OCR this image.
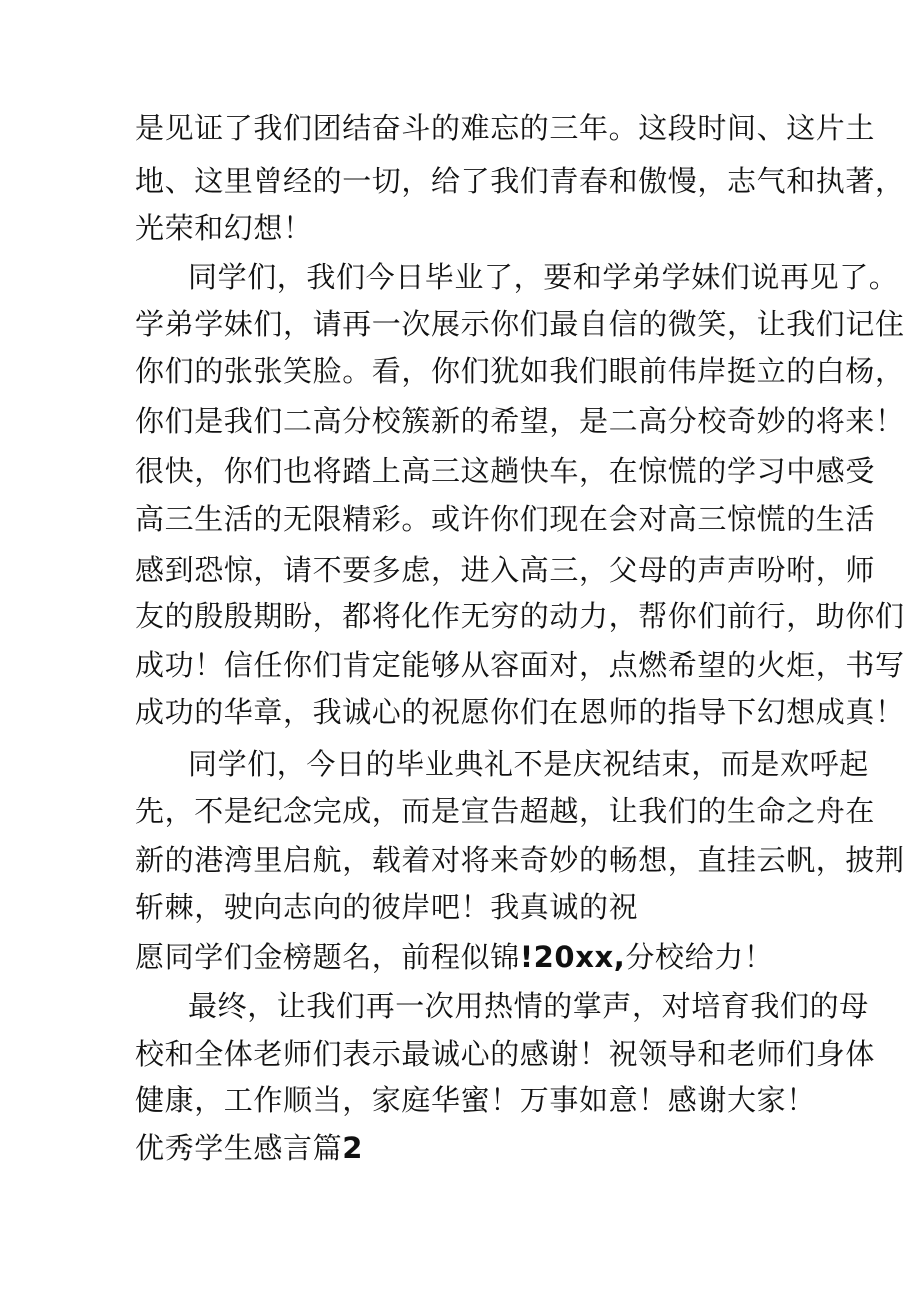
是见证了我们团结奋斗的难忘的三年。这段时间、这片土
地、这里曾经的一切，给了我们青春和傲慢，志气和执著，
光荣和幻想！
同学们，我们今日毕业了，要和学弟学妹们说再见了。
学弟学妹们，请再一次展示你们最自信的微笑，让我们记住
你们的张张笑脸。看，你们犹如我们眼前伟岸挺立的白杨，
你们是我们二高分校簇新的希望，是二高分校奇妙的将来！
很快，你们也将踏上高三这趟快车，在惊慌的学习中感受
高三生活的无限精彩。或许你们现在会对高三惊慌的生活
感到恐惊，请不要多虑，进入高三，父母的声声吩咐，师
友的殷殷期盼，都将化作无穷的动力，帮你们前行，助你们
成功！信任你们肯定能够从容面对，点燃希望的火炬，书写
成功的华章，我诚心的祝愿你们在恩师的指导下幻想成真！
同学们，今日的毕业典礼不是庆祝结束，而是欢呼起
先，不是纪念完成，而是宣告超越，让我们的生命之舟在
新的港湾里启航，载着对将来奇妙的畅想，直挂云帆，披荆
斩棘，驶向志向的彼岸吧！我真诚的祝
愿同学们金榜题名，前程似锦!20xx,分校给力！
最终，让我们再一次用热情的掌声，对培育我们的母
校和全体老师们表示最诚心的感谢！祝领导和老师们身体
健康，工作顺当，家庭华蜜！万事如意！感谢大家！
优秀学生感言篇2
